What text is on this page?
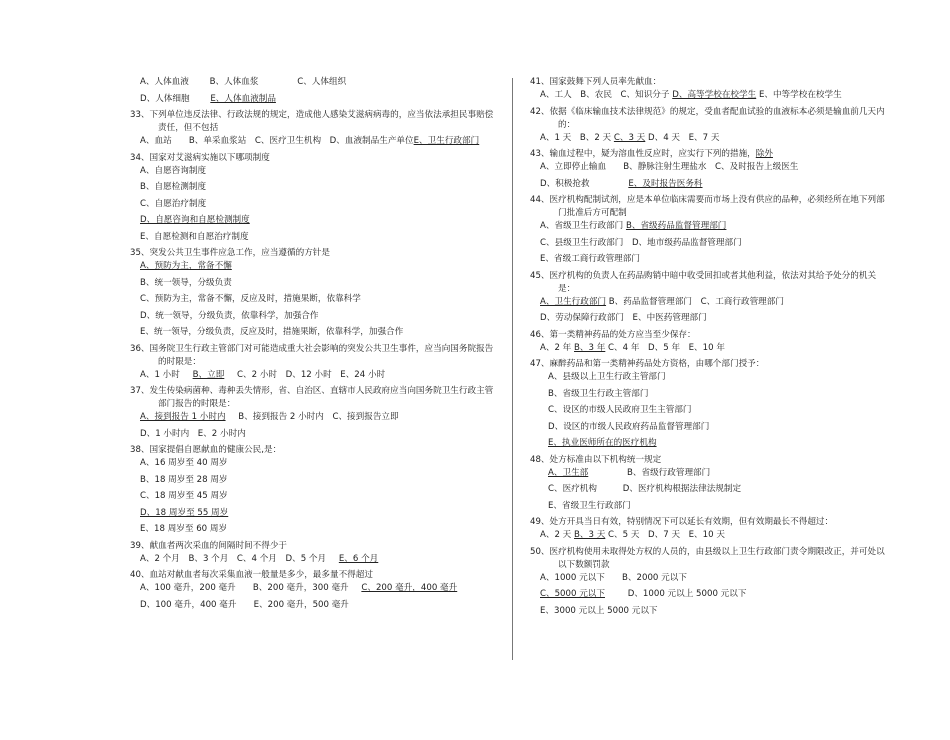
A、人体血液 B、人体血浆	C、人体组织
D、人体细胞 E、人体血液制品
33、下列单位违反法律、行政法规的规定，造成他人感染艾滋病病毒的，应当依法承担民事赔偿责任，但不包括
A、血站　　B、单采血浆站　C、医疗卫生机构　D、血液制品生产单位E、卫生行政部门
34、国家对艾滋病实施以下哪项制度
A、自愿咨询制度
B、自愿检测制度
C、自愿治疗制度
D、自愿咨询和自愿检测制度
E、自愿检测和自愿治疗制度
35、突发公共卫生事件应急工作，应当遵循的方针是
A、预防为主，常备不懈
B、统一领导，分级负责
C、预防为主，常备不懈，反应及时，措施果断，依靠科学
D、统一领导，分级负责，依靠科学，加强合作
E、统一领导，分级负责，反应及时，措施果断，依靠科学，加强合作
36、国务院卫生行政主管部门对可能造成重大社会影响的突发公共卫生事件，应当向国务院报告的时限是：
A、1 小时 B、立即 C、2 小时　D、12 小时　E、24 小时
37、发生传染病菌种、毒种丢失情形，省、自治区、直辖市人民政府应当向国务院卫生行政主管部门报告的时限是：
A、接到报告 1 小时内 B、接到报告 2 小时内　C、接到报告立即
D、1 小时内　E、2 小时内
38、国家提倡自愿献血的健康公民,是：
A、16 周岁至 40 周岁
B、18 周岁至 28 周岁
C、18 周岁至 45 周岁
D、18 周岁至 55 周岁
E、18 周岁至 60 周岁
39、献血者两次采血的间隔时间不得少于
A、2 个月　B、3 个月　C、4 个月　D、5 个月 E、6 个月
40、血站对献血者每次采集血液一般量是多少，最多量不得超过
A、100 毫升，200 毫升　　B、200 毫升，300 毫升 C、200 毫升，400 毫升
D、100 毫升，400 毫升　　E、200 毫升，500 毫升
41、国家鼓舞下列人员率先献血：
A、工人　B、农民　C、知识分子 D、高等学校在校学生 E、中等学校在校学生
42、依据《临床输血技术法律规范》的规定，受血者配血试验的血液标本必须是输血前几天内的：
A、1 天　B、2 天 C、3 天 D、4 天　E、7 天
43、输血过程中，疑为溶血性反应时，应实行下列的措施，除外
A、立即停止输血　　B、静脉注射生理盐水　C、及时报告上级医生
D、积极抢救	E、及时报告医务科
44、医疗机构配制试剂，应是本单位临床需要而市场上没有供应的品种，必须经所在地下列部门批准后方可配制
A、省级卫生行政部门 B、省级药品监督管理部门
C、县级卫生行政部门　D、地市级药品监督管理部门
E、省级工商行政管理部门
45、医疗机构的负责人在药品购销中暗中收受回扣或者其他利益，依法对其给予处分的机关是：
A、卫生行政部门 B、药品监督管理部门　C、工商行政管理部门
D、劳动保障行政部门　E、中医药管理部门
46、第一类精神药品的处方应当至少保存：
A、2 年 B、3 年 C、4 年　D、5 年　E、10 年
47、麻醉药品和第一类精神药品处方资格，由哪个部门授予：
A、县级以上卫生行政主管部门
B、省级卫生行政主管部门
C、设区的市级人民政府卫生主管部门
D、设区的市级人民政府药品监督管理部门
E、执业医师所在的医疗机构
48、处方标准由以下机构统一规定
A、卫生部	B、省级行政管理部门
C、医疗机构　　　D、医疗机构根据法律法规制定
E、省级卫生行政部门
49、处方开具当日有效，特别情况下可以延长有效期，但有效期最长不得超过：
A、2 天 B、3 天 C、5 天　D、7 天　E、10 天
50、医疗机构使用未取得处方权的人员的，由县级以上卫生行政部门责令期限改正，并可处以以下数额罚款
A、1000 元以下　　B、2000 元以下
C、5000 元以下	D、1000 元以上 5000 元以下
E、3000 元以上 5000 元以下
